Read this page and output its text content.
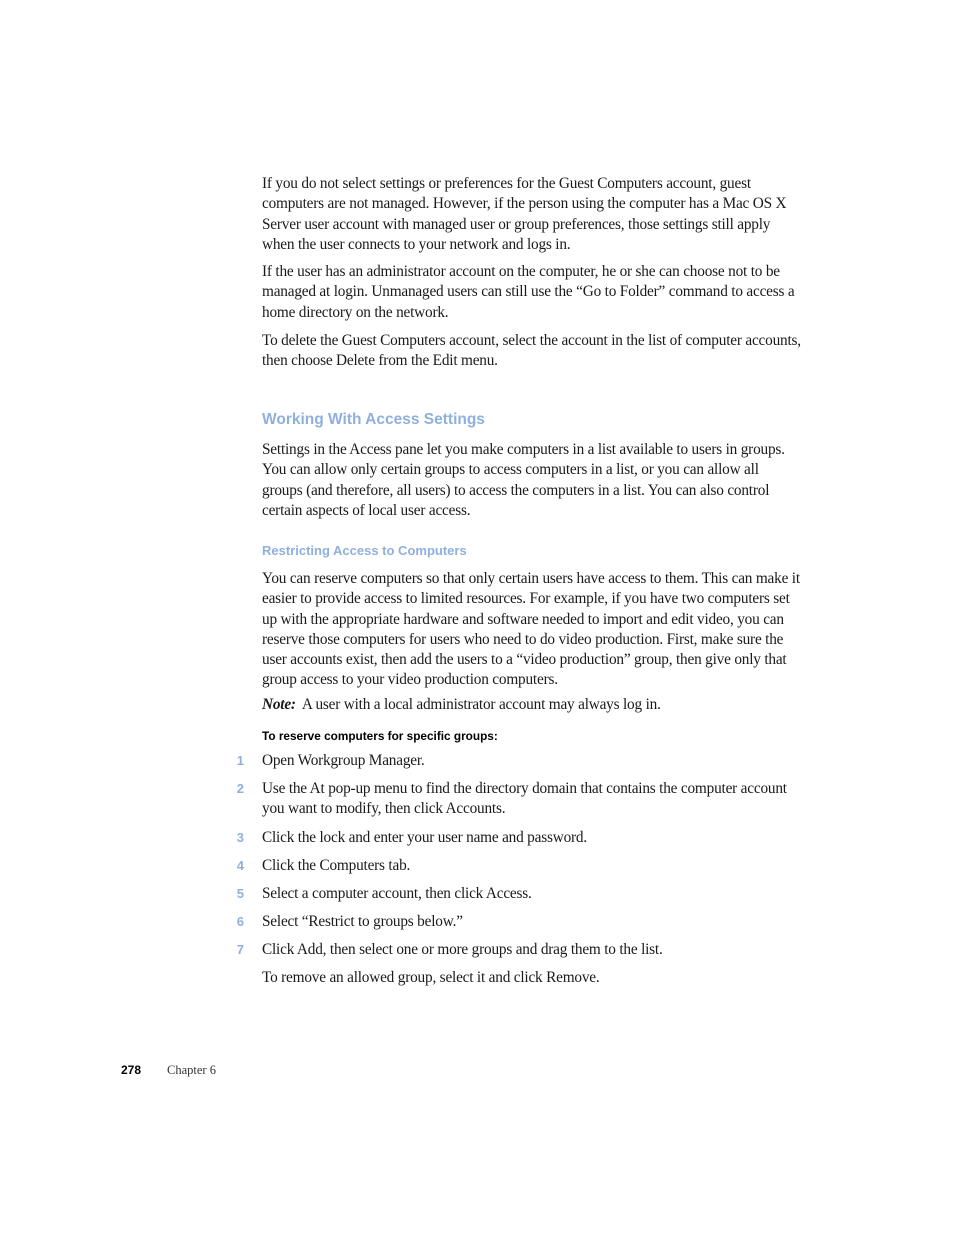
If you do not select settings or preferences for the Guest Computers account, guest computers are not managed. However, if the person using the computer has a Mac OS X Server user account with managed user or group preferences, those settings still apply when the user connects to your network and logs in.
If the user has an administrator account on the computer, he or she can choose not to be managed at login. Unmanaged users can still use the “Go to Folder” command to access a home directory on the network.
To delete the Guest Computers account, select the account in the list of computer accounts, then choose Delete from the Edit menu.
Working With Access Settings
Settings in the Access pane let you make computers in a list available to users in groups. You can allow only certain groups to access computers in a list, or you can allow all groups (and therefore, all users) to access the computers in a list. You can also control certain aspects of local user access.
Restricting Access to Computers
You can reserve computers so that only certain users have access to them. This can make it easier to provide access to limited resources. For example, if you have two computers set up with the appropriate hardware and software needed to import and edit video, you can reserve those computers for users who need to do video production. First, make sure the user accounts exist, then add the users to a “video production” group, then give only that group access to your video production computers.
Note: A user with a local administrator account may always log in.
To reserve computers for specific groups:
1 Open Workgroup Manager.
2 Use the At pop-up menu to find the directory domain that contains the computer account you want to modify, then click Accounts.
3 Click the lock and enter your user name and password.
4 Click the Computers tab.
5 Select a computer account, then click Access.
6 Select “Restrict to groups below.”
7 Click Add, then select one or more groups and drag them to the list.
To remove an allowed group, select it and click Remove.
278 Chapter 6
